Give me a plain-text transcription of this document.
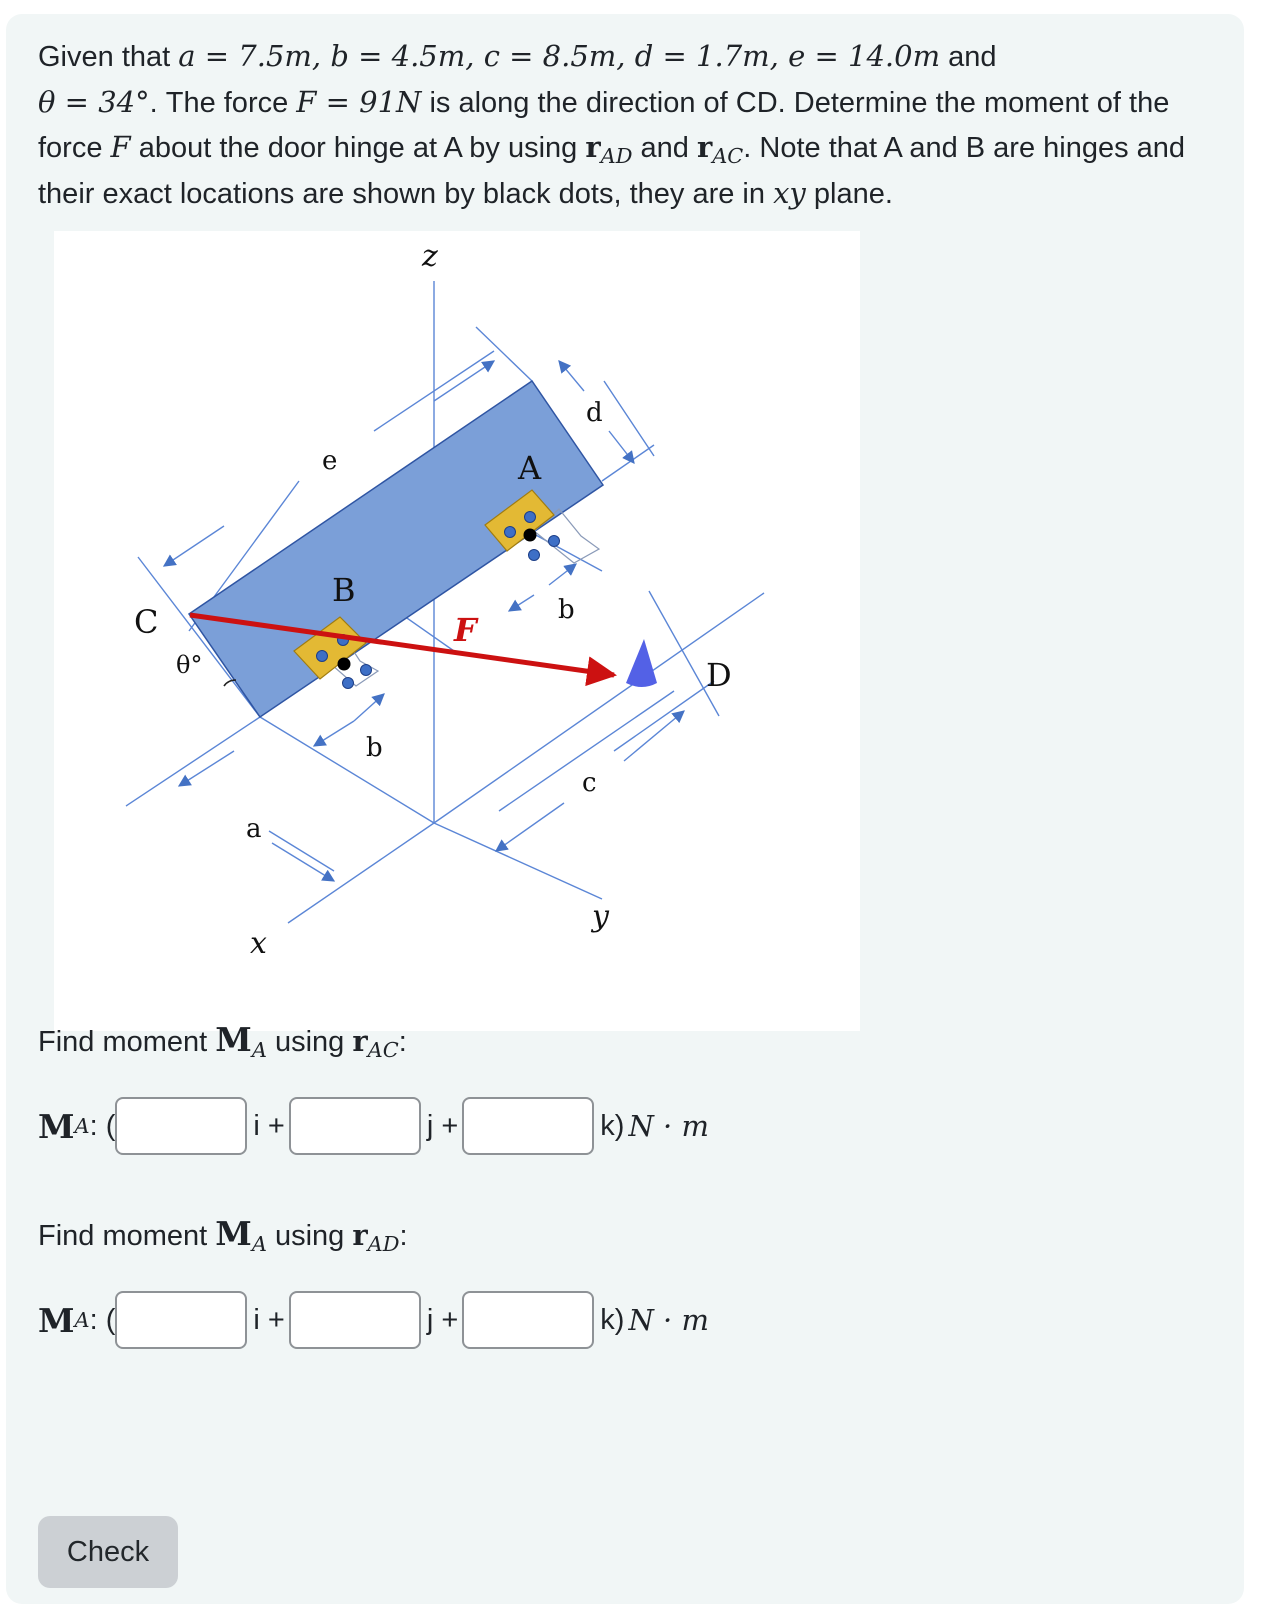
Given that a = 7.5m, b = 4.5m, c = 8.5m, d = 1.7m, e = 14.0m and
θ = 34°. The force F = 91N is along the direction of CD. Determine the moment of the force F about the door hinge at A by using $r_{AD}$ and $r_{AC}$. Note that A and B are hinges and their exact locations are shown by black dots, they are in xy plane.
z
x
y
a
b
b
c
d
e	A
B
C
D
F
θ°
Find moment $M_A$ using $r_{AC}$:
M A : (	i +	j +	k) N · m
Find moment $M_A$ using $r_{AD}$:
M A : (	i +	j +	k) N · m
Check
